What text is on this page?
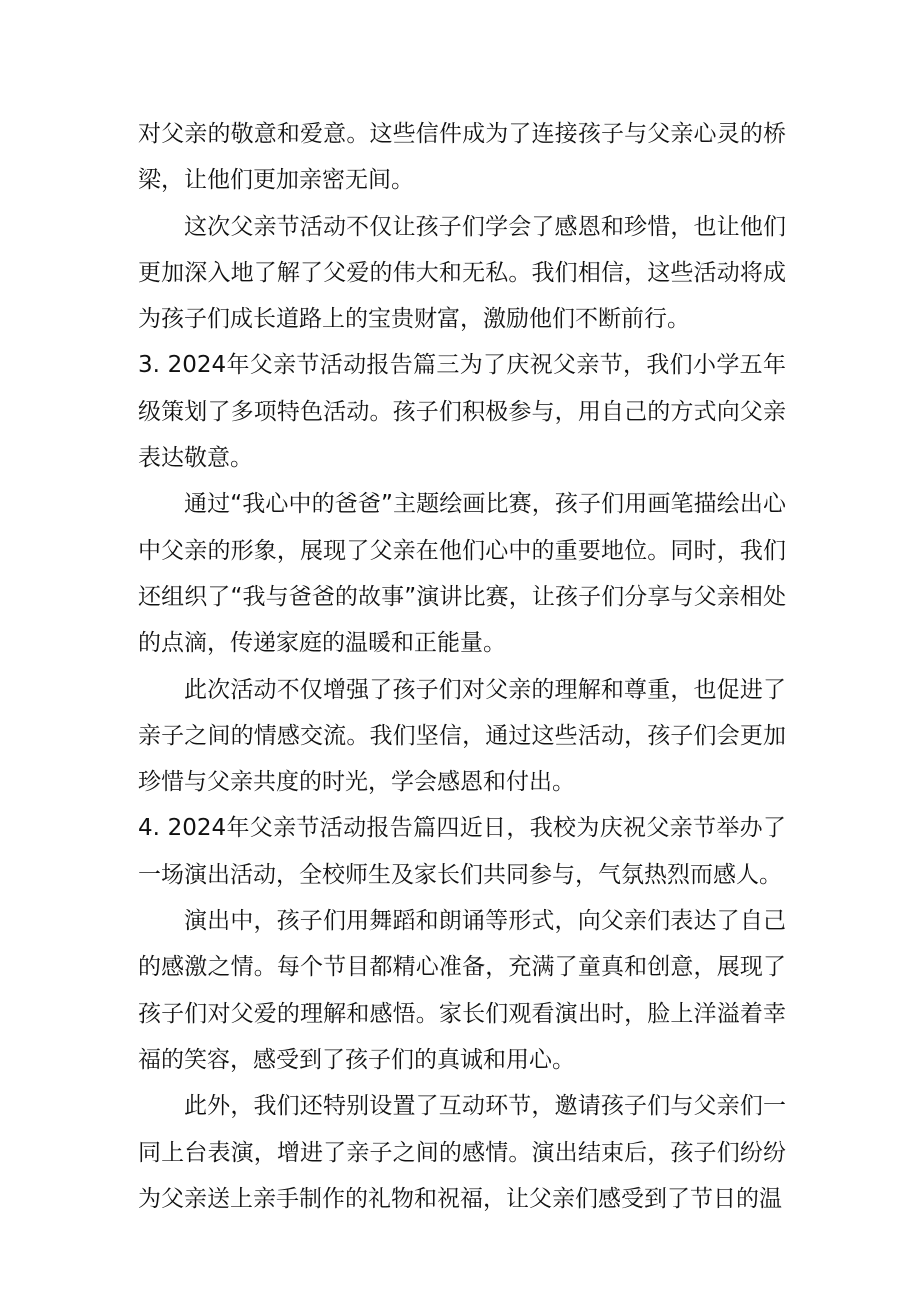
对父亲的敬意和爱意。这些信件成为了连接孩子与父亲心灵的桥梁，让他们更加亲密无间。

这次父亲节活动不仅让孩子们学会了感恩和珍惜，也让他们更加深入地了解了父爱的伟大和无私。我们相信，这些活动将成为孩子们成长道路上的宝贵财富，激励他们不断前行。

3. 2024年父亲节活动报告篇三为了庆祝父亲节，我们小学五年级策划了多项特色活动。孩子们积极参与，用自己的方式向父亲表达敬意。

通过“我心中的爸爸”主题绘画比赛，孩子们用画笔描绘出心中父亲的形象，展现了父亲在他们心中的重要地位。同时，我们还组织了“我与爸爸的故事”演讲比赛，让孩子们分享与父亲相处的点滴，传递家庭的温暖和正能量。

此次活动不仅增强了孩子们对父亲的理解和尊重，也促进了亲子之间的情感交流。我们坚信，通过这些活动，孩子们会更加珍惜与父亲共度的时光，学会感恩和付出。

4. 2024年父亲节活动报告篇四近日，我校为庆祝父亲节举办了一场演出活动，全校师生及家长们共同参与，气氛热烈而感人。

演出中，孩子们用舞蹈和朗诵等形式，向父亲们表达了自己的感激之情。每个节目都精心准备，充满了童真和创意，展现了孩子们对父爱的理解和感悟。家长们观看演出时，脸上洋溢着幸福的笑容，感受到了孩子们的真诚和用心。

此外，我们还特别设置了互动环节，邀请孩子们与父亲们一同上台表演，增进了亲子之间的感情。演出结束后，孩子们纷纷为父亲送上亲手制作的礼物和祝福，让父亲们感受到了节日的温
